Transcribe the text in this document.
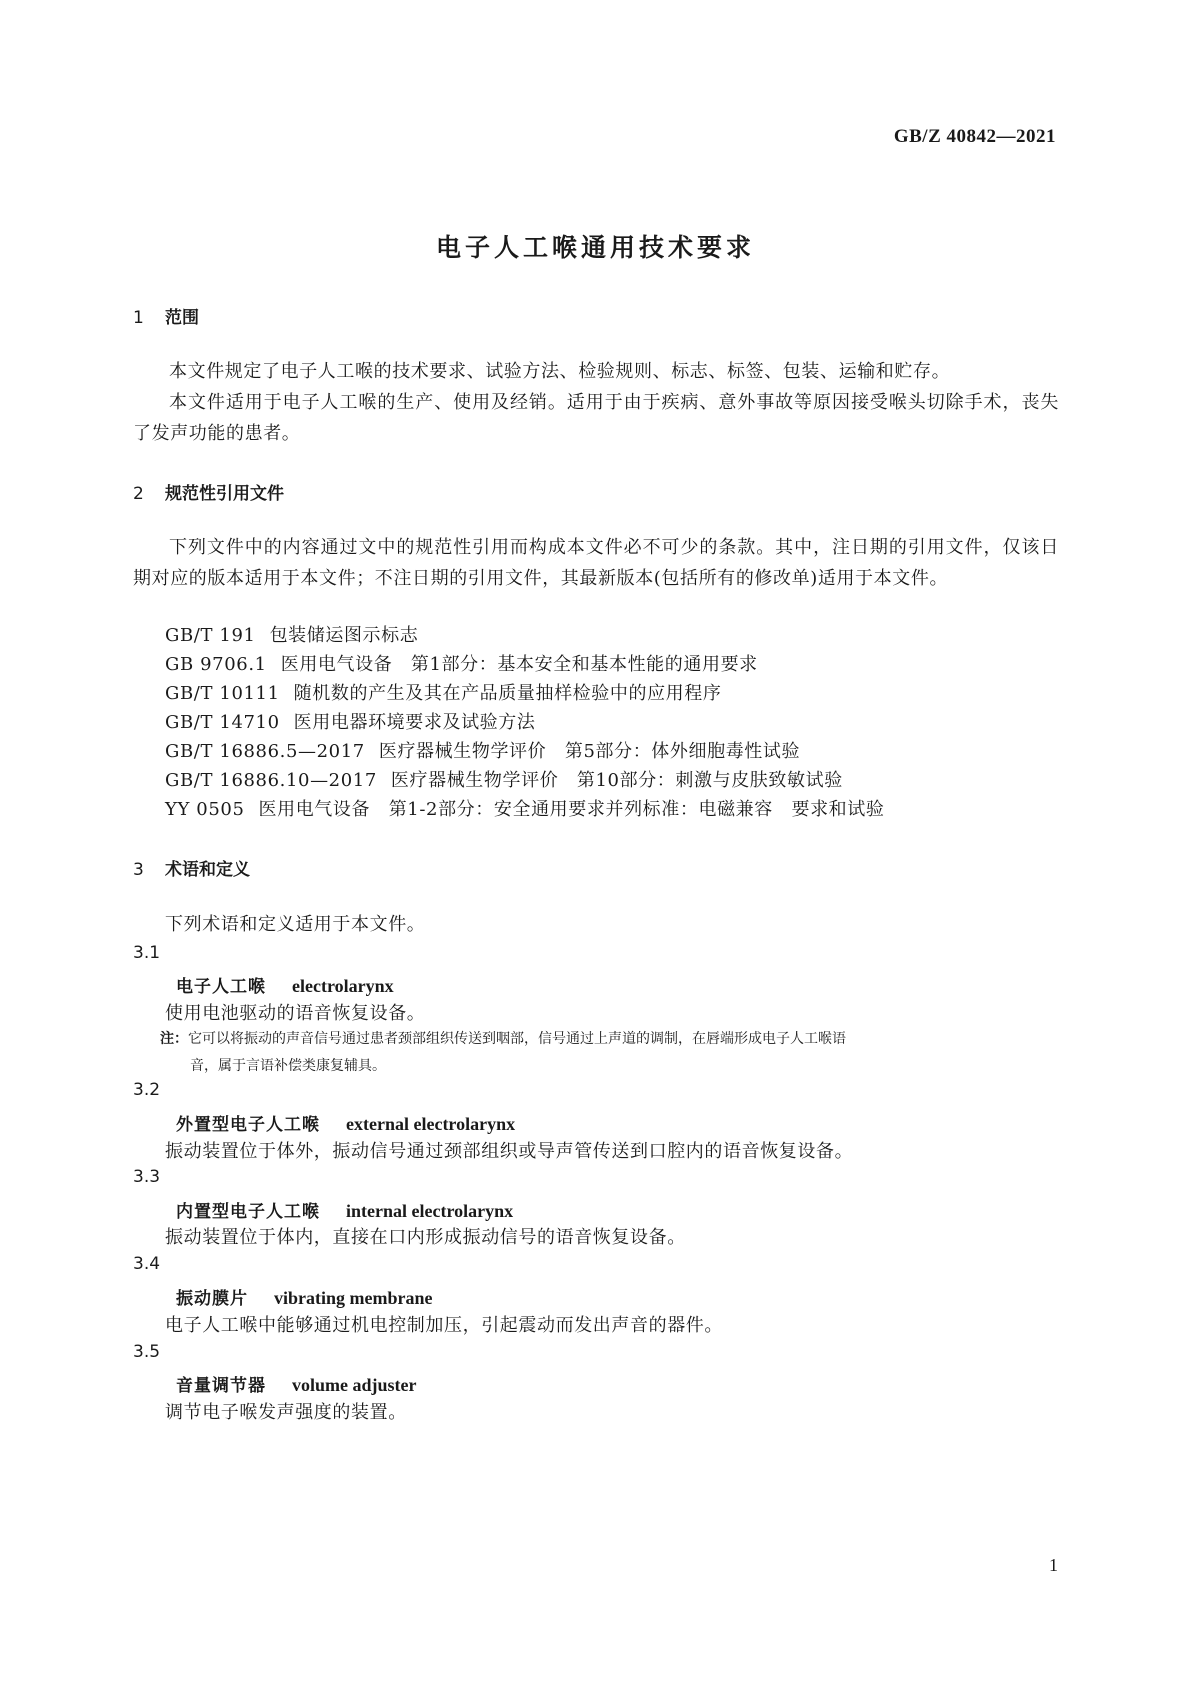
GB/Z 40842—2021
电子人工喉通用技术要求
1 范围
本文件规定了电子人工喉的技术要求、试验方法、检验规则、标志、标签、包装、运输和贮存。
本文件适用于电子人工喉的生产、使用及经销。适用于由于疾病、意外事故等原因接受喉头切除手术，丧失了发声功能的患者。
2 规范性引用文件
下列文件中的内容通过文中的规范性引用而构成本文件必不可少的条款。其中，注日期的引用文件，仅该日期对应的版本适用于本文件；不注日期的引用文件，其最新版本(包括所有的修改单)适用于本文件。
GB/T 191 包装储运图示标志
GB 9706.1 医用电气设备　第1部分：基本安全和基本性能的通用要求
GB/T 10111 随机数的产生及其在产品质量抽样检验中的应用程序
GB/T 14710 医用电器环境要求及试验方法
GB/T 16886.5—2017 医疗器械生物学评价　第5部分：体外细胞毒性试验
GB/T 16886.10—2017 医疗器械生物学评价　第10部分：刺激与皮肤致敏试验
YY 0505 医用电气设备　第1-2部分：安全通用要求并列标准：电磁兼容　要求和试验
3 术语和定义
下列术语和定义适用于本文件。
3.1
电子人工喉 electrolarynx
使用电池驱动的语音恢复设备。
注：它可以将振动的声音信号通过患者颈部组织传送到咽部，信号通过上声道的调制，在唇端形成电子人工喉语
音，属于言语补偿类康复辅具。
3.2
外置型电子人工喉 external electrolarynx
振动装置位于体外，振动信号通过颈部组织或导声管传送到口腔内的语音恢复设备。
3.3
内置型电子人工喉 internal electrolarynx
振动装置位于体内，直接在口内形成振动信号的语音恢复设备。
3.4
振动膜片 vibrating membrane
电子人工喉中能够通过机电控制加压，引起震动而发出声音的器件。
3.5
音量调节器 volume adjuster
调节电子喉发声强度的装置。
1
